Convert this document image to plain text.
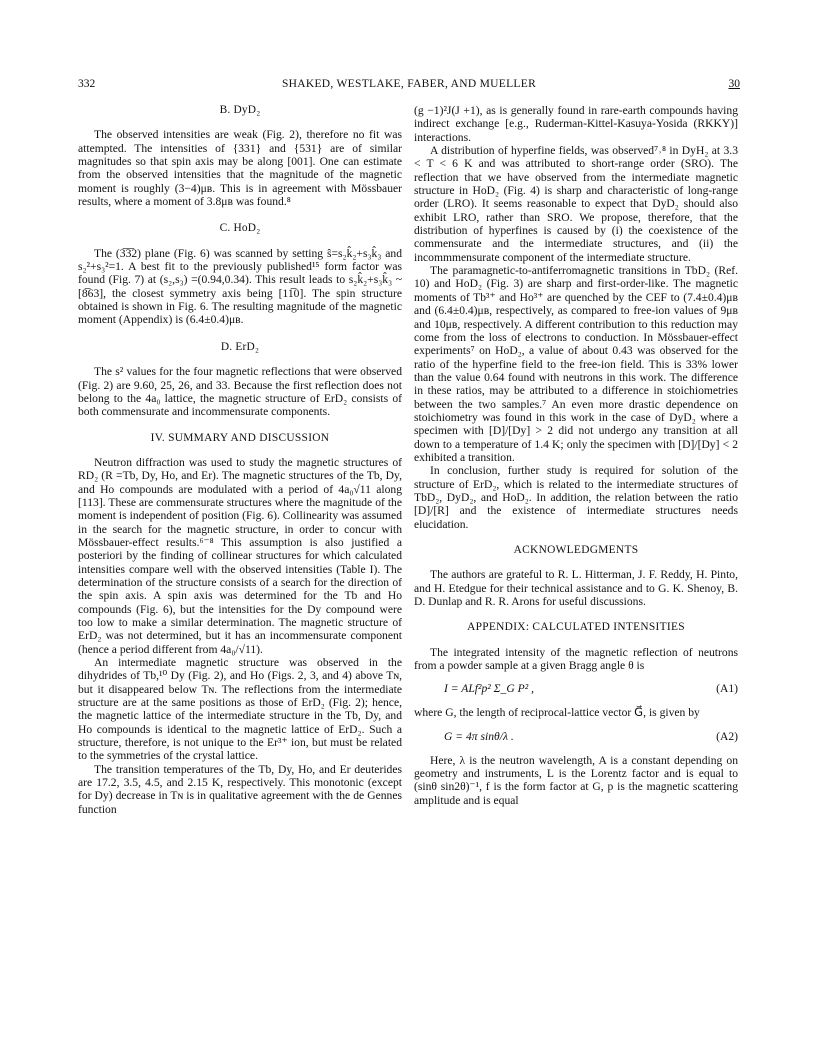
332	SHAKED, WESTLAKE, FABER, AND MUELLER	30
B. DyD₂

The observed intensities are weak (Fig. 2), therefore no fit was attempted. The intensities of {331} and {531} are of similar magnitudes so that spin axis may be along [001]. One can estimate from the observed intensities that the magnitude of the magnetic moment is roughly (3−4)μʙ. This is in agreement with Mössbauer results, where a moment of 3.8μʙ was found.⁸

C. HoD₂

The (3̅3̅2) plane (Fig. 6) was scanned by setting ŝ=s₂k̂₂+s₃k̂₃ and s₂²+s₃²=1. A best fit to the previously published¹⁵ form factor was found (Fig. 7) at (s₂,s₃) =(0.94,0.34). This result leads to s₂k̂₂+s₃k̂₃ ~ [8̅63], the closest symmetry axis being [11̅0]. The spin structure obtained is shown in Fig. 6. The resulting magnitude of the magnetic moment (Appendix) is (6.4±0.4)μʙ.

D. ErD₂

The s² values for the four magnetic reflections that were observed (Fig. 2) are 9.60, 25, 26, and 33. Because the first reflection does not belong to the 4a₀ lattice, the magnetic structure of ErD₂ consists of both commensurate and incommensurate components.

IV. SUMMARY AND DISCUSSION

Neutron diffraction was used to study the magnetic structures of RD₂ (R =Tb, Dy, Ho, and Er). The magnetic structures of the Tb, Dy, and Ho compounds are modulated with a period of 4a₀√11 along [113]. These are commensurate structures where the magnitude of the moment is independent of position (Fig. 6). Collinearity was assumed in the search for the magnetic structure, in order to concur with Mössbauer-effect results.⁶⁻⁸ This assumption is also justified a posteriori by the finding of collinear structures for which calculated intensities compare well with the observed intensities (Table I). The determination of the structure consists of a search for the direction of the spin axis. A spin axis was determined for the Tb and Ho compounds (Fig. 6), but the intensities for the Dy compound were too low to make a similar determination. The magnetic structure of ErD₂ was not determined, but it has an incommensurate component (hence a period different from 4a₀/√11).

An intermediate magnetic structure was observed in the dihydrides of Tb,¹⁰ Dy (Fig. 2), and Ho (Figs. 2, 3, and 4) above Tɴ, but it disappeared below Tɴ. The reflections from the intermediate structure are at the same positions as those of ErD₂ (Fig. 2); hence, the magnetic lattice of the intermediate structure in the Tb, Dy, and Ho compounds is identical to the magnetic lattice of ErD₂. Such a structure, therefore, is not unique to the Er³⁺ ion, but must be related to the symmetries of the crystal lattice.

The transition temperatures of the Tb, Dy, Ho, and Er deuterides are 17.2, 3.5, 4.5, and 2.15 K, respectively. This monotonic (except for Dy) decrease in Tɴ is in qualitative agreement with the de Gennes function

(g −1)²J(J +1), as is generally found in rare-earth compounds having indirect exchange [e.g., Ruderman-Kittel-Kasuya-Yosida (RKKY)] interactions.

A distribution of hyperfine fields, was observed⁷˒⁸ in DyH₂ at 3.3 < T < 6 K and was attributed to short-range order (SRO). The reflection that we have observed from the intermediate magnetic structure in HoD₂ (Fig. 4) is sharp and characteristic of long-range order (LRO). It seems reasonable to expect that DyD₂ should also exhibit LRO, rather than SRO. We propose, therefore, that the distribution of hyperfines is caused by (i) the coexistence of the commensurate and the intermediate structures, and (ii) the incommmensurate component of the intermediate structure.

The paramagnetic-to-antiferromagnetic transitions in TbD₂ (Ref. 10) and HoD₂ (Fig. 3) are sharp and first-order-like. The magnetic moments of Tb³⁺ and Ho³⁺ are quenched by the CEF to (7.4±0.4)μʙ and (6.4±0.4)μʙ, respectively, as compared to free-ion values of 9μʙ and 10μʙ, respectively. A different contribution to this reduction may come from the loss of electrons to conduction. In Mössbauer-effect experiments⁷ on HoD₂, a value of about 0.43 was observed for the ratio of the hyperfine field to the free-ion field. This is 33% lower than the value 0.64 found with neutrons in this work. The difference in these ratios, may be attributed to a difference in stoichiometries between the two samples.⁷ An even more drastic dependence on stoichiometry was found in this work in the case of DyD₂ where a specimen with [D]/[Dy] > 2 did not undergo any transition at all down to a temperature of 1.4 K; only the specimen with [D]/[Dy] < 2 exhibited a transition.

In conclusion, further study is required for solution of the structure of ErD₂, which is related to the intermediate structures of TbD₂, DyD₂, and HoD₂. In addition, the relation between the ratio [D]/[R] and the existence of intermediate structures needs elucidation.

ACKNOWLEDGMENTS

The authors are grateful to R. L. Hitterman, J. F. Reddy, H. Pinto, and H. Etedgue for their technical assistance and to G. K. Shenoy, B. D. Dunlap and R. R. Arons for useful discussions.

APPENDIX: CALCULATED INTENSITIES

The integrated intensity of the magnetic reflection of neutrons from a powder sample at a given Bragg angle θ is

I = ALf²p² Σ_G P² ,	(A1)

where G, the length of reciprocal-lattice vector G⃗, is given by

G = 4π sinθ/λ .	(A2)

Here, λ is the neutron wavelength, A is a constant depending on geometry and instruments, L is the Lorentz factor and is equal to (sinθ sin2θ)⁻¹, f is the form factor at G, p is the magnetic scattering amplitude and is equal
